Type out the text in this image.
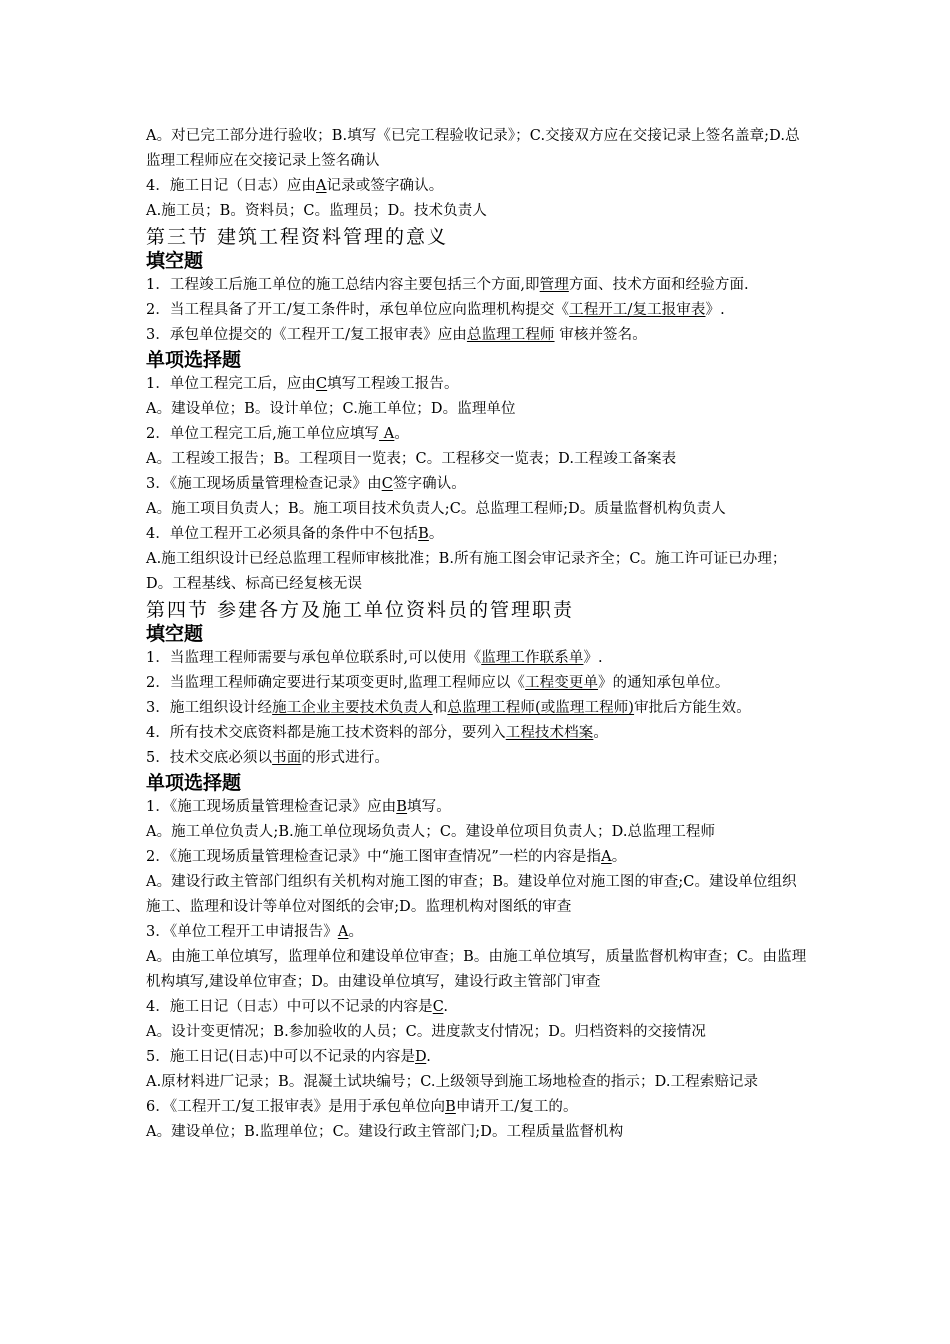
A。对已完工部分进行验收；B.填写《已完工程验收记录》；C.交接双方应在交接记录上签名盖章;D.总监理工程师应在交接记录上签名确认
4．施工日记（日志）应由A记录或签字确认。
A.施工员；B。资料员；C。监理员；D。技术负责人
第三节 建筑工程资料管理的意义
填空题
1．工程竣工后施工单位的施工总结内容主要包括三个方面,即管理方面、技术方面和经验方面.
2．当工程具备了开工/复工条件时，承包单位应向监理机构提交《工程开工/复工报审表》.
3．承包单位提交的《工程开工/复工报审表》应由总监理工程师 审核并签名。
单项选择题
1．单位工程完工后，应由C填写工程竣工报告。
A。建设单位；B。设计单位；C.施工单位；D。监理单位
2．单位工程完工后,施工单位应填写 A。
A。工程竣工报告；B。工程项目一览表；C。工程移交一览表；D.工程竣工备案表
3．《施工现场质量管理检查记录》由C签字确认。
A。施工项目负责人；B。施工项目技术负责人;C。总监理工程师;D。质量监督机构负责人
4．单位工程开工必须具备的条件中不包括B。
A.施工组织设计已经总监理工程师审核批准；B.所有施工图会审记录齐全；C。施工许可证已办理；D。工程基线、标高已经复核无误
第四节 参建各方及施工单位资料员的管理职责
填空题
1．当监理工程师需要与承包单位联系时,可以使用《监理工作联系单》.
2．当监理工程师确定要进行某项变更时,监理工程师应以《工程变更单》的通知承包单位。
3．施工组织设计经施工企业主要技术负责人和总监理工程师(或监理工程师)审批后方能生效。
4．所有技术交底资料都是施工技术资料的部分，要列入工程技术档案。
5．技术交底必须以书面的形式进行。
单项选择题
1．《施工现场质量管理检查记录》应由B填写。
A。施工单位负责人;B.施工单位现场负责人；C。建设单位项目负责人；D.总监理工程师
2．《施工现场质量管理检查记录》中“施工图审查情况”一栏的内容是指A。
A。建设行政主管部门组织有关机构对施工图的审查；B。建设单位对施工图的审查;C。建设单位组织施工、监理和设计等单位对图纸的会审;D。监理机构对图纸的审查
3．《单位工程开工申请报告》A。
A。由施工单位填写，监理单位和建设单位审查；B。由施工单位填写，质量监督机构审查；C。由监理机构填写,建设单位审查；D。由建设单位填写，建设行政主管部门审查
4．施工日记（日志）中可以不记录的内容是C.
A。设计变更情况；B.参加验收的人员；C。进度款支付情况；D。归档资料的交接情况
5．施工日记(日志)中可以不记录的内容是D.
A.原材料进厂记录；B。混凝土试块编号；C.上级领导到施工场地检查的指示；D.工程索赔记录
6．《工程开工/复工报审表》是用于承包单位向B申请开工/复工的。
A。建设单位；B.监理单位；C。建设行政主管部门;D。工程质量监督机构
